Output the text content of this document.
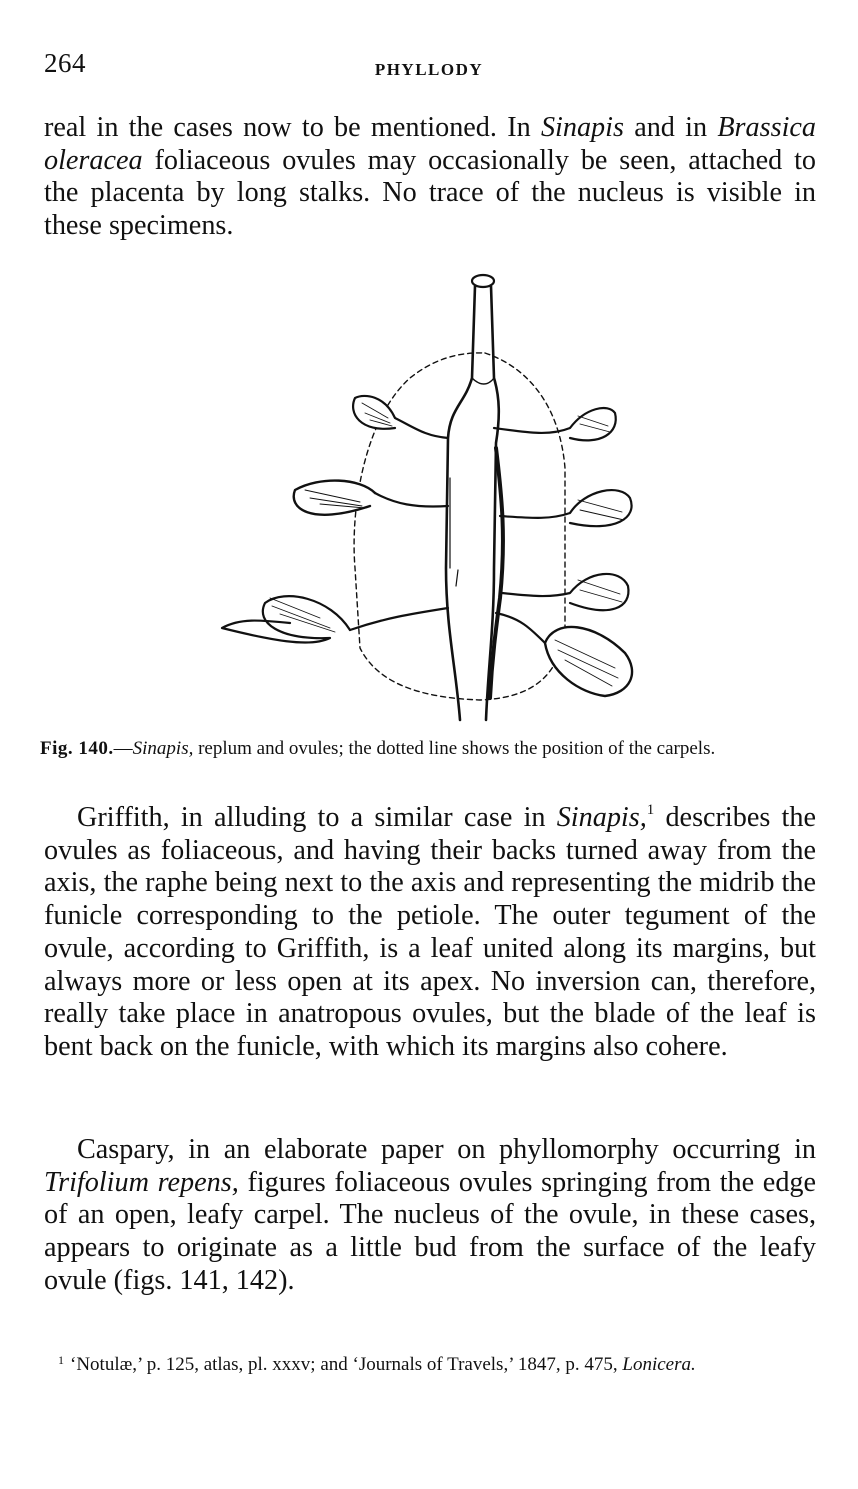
264	PHYLLODY

real in the cases now to be mentioned. In Sinapis and in Brassica oleracea foliaceous ovules may occasionally be seen, attached to the placenta by long stalks. No trace of the nucleus is visible in these specimens.

Fig. 140.—Sinapis, replum and ovules; the dotted line shows the position of the carpels.

Griffith, in alluding to a similar case in Sinapis,$^1$ describes the ovules as foliaceous, and having their backs turned away from the axis, the raphe being next to the axis and representing the midrib the funicle corresponding to the petiole. The outer tegument of the ovule, according to Griffith, is a leaf united along its margins, but always more or less open at its apex. No inversion can, therefore, really take place in anatropous ovules, but the blade of the leaf is bent back on the funicle, with which its margins also cohere.

Caspary, in an elaborate paper on phyllomorphy occurring in Trifolium repens, figures foliaceous ovules springing from the edge of an open, leafy carpel. The nucleus of the ovule, in these cases, appears to originate as a little bud from the surface of the leafy ovule (figs. 141, 142).

$^1$ ‘Notulæ,’ p. 125, atlas, pl. xxxv; and ‘Journals of Travels,’ 1847, p. 475, Lonicera.
